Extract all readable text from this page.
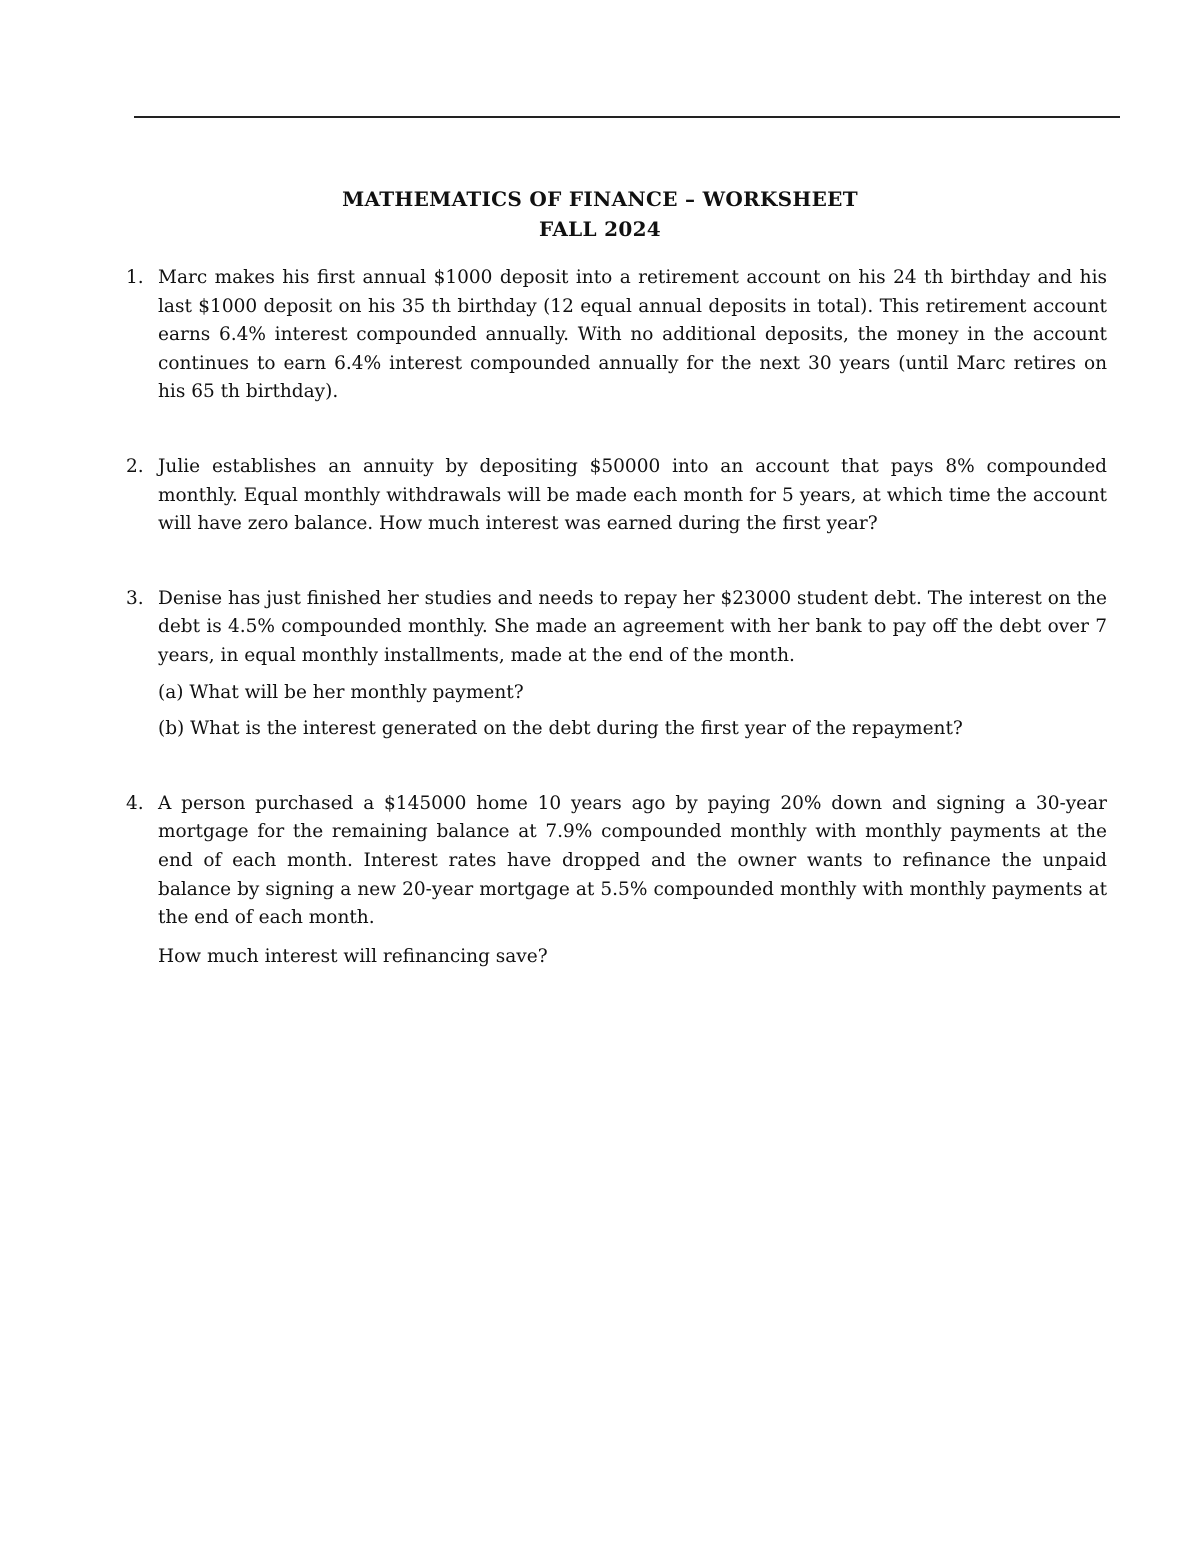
MATHEMATICS OF FINANCE – WORKSHEET
FALL 2024
1. Marc makes his first annual $1000 deposit into a retirement account on his 24 th birthday and his last $1000 deposit on his 35 th birthday (12 equal annual deposits in total). This retirement account earns 6.4% interest compounded annually. With no additional deposits, the money in the account continues to earn 6.4% interest compounded annually for the next 30 years (until Marc retires on his 65 th birthday).
2. Julie establishes an annuity by depositing $50000 into an account that pays 8% compounded monthly. Equal monthly withdrawals will be made each month for 5 years, at which time the account will have zero balance. How much interest was earned during the first year?
3. Denise has just finished her studies and needs to repay her $23000 student debt. The interest on the debt is 4.5% compounded monthly. She made an agreement with her bank to pay off the debt over 7 years, in equal monthly installments, made at the end of the month.
(a) What will be her monthly payment?
(b) What is the interest generated on the debt during the first year of the repayment?
4. A person purchased a $145000 home 10 years ago by paying 20% down and signing a 30-year mortgage for the remaining balance at 7.9% compounded monthly with monthly payments at the end of each month. Interest rates have dropped and the owner wants to refinance the unpaid balance by signing a new 20-year mortgage at 5.5% compounded monthly with monthly payments at the end of each month.
How much interest will refinancing save?
